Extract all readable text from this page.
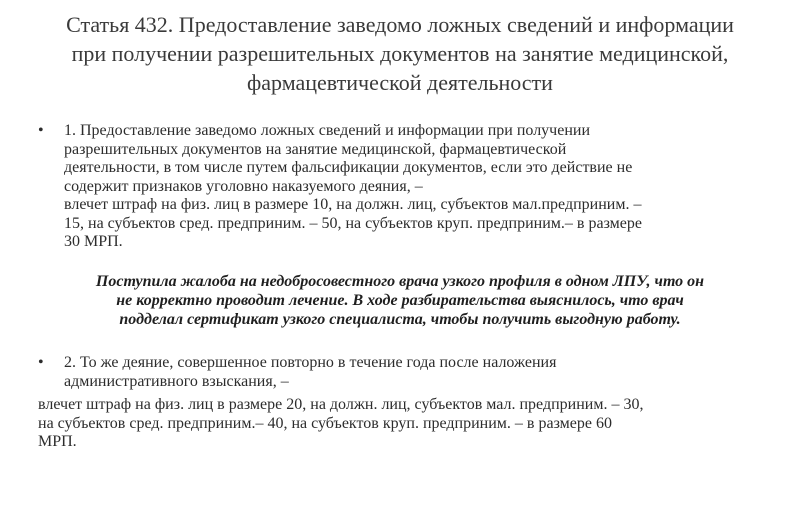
Статья 432. Предоставление заведомо ложных сведений и информации
при получении разрешительных документов на занятие медицинской,
фармацевтической деятельности
•	1. Предоставление заведомо ложных сведений и информации при получении
разрешительных документов на занятие медицинской, фармацевтической
деятельности, в том числе путем фальсификации документов, если это действие не
содержит признаков уголовно наказуемого деяния, –
влечет штраф на физ. лиц в размере 10, на должн. лиц, субъектов мал.предприним. –
15, на субъектов сред. предприним. – 50, на субъектов круп. предприним.– в размере
30 МРП.
Поступила жалоба на недобросовестного врача узкого профиля в одном ЛПУ, что он
не корректно проводит лечение. В ходе разбирательства выяснилось, что врач
подделал сертификат узкого специалиста, чтобы получить выгодную работу.
•	2. То же деяние, совершенное повторно в течение года после наложения
административного взыскания, –
влечет штраф на физ. лиц в размере 20, на должн. лиц, субъектов мал. предприним. – 30,
на субъектов сред. предприним.– 40, на субъектов круп. предприним. – в размере 60
МРП.
